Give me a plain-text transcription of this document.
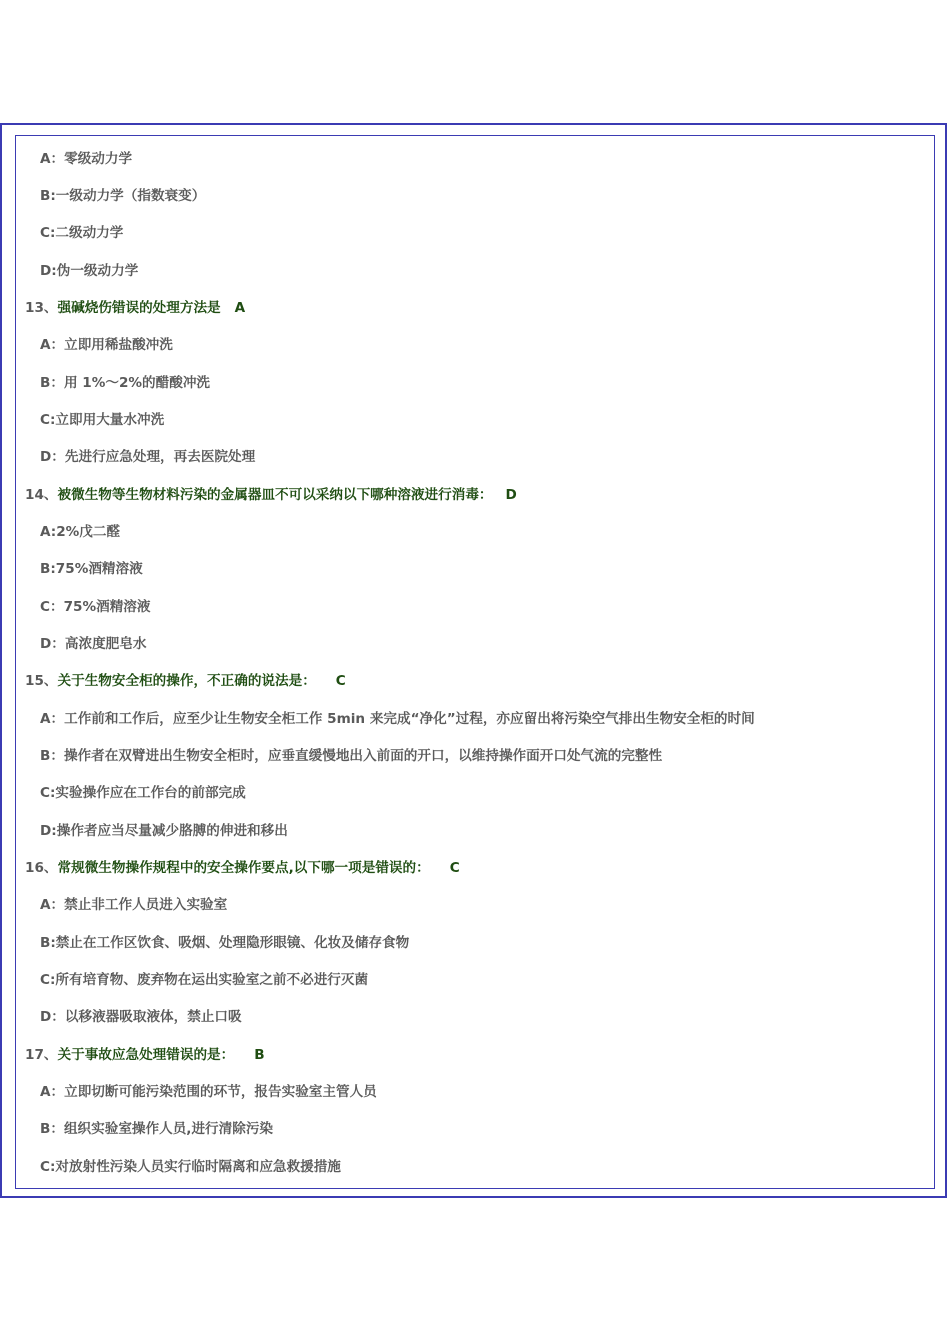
A：零级动力学
B:一级动力学（指数衰变）
C:二级动力学
D:伪一级动力学
13、强碱烧伤错误的处理方法是 A
A：立即用稀盐酸冲洗
B：用 1%～2%的醋酸冲洗
C:立即用大量水冲洗
D：先进行应急处理，再去医院处理
14、被微生物等生物材料污染的金属器皿不可以采纳以下哪种溶液进行消毒： D
A:2%戊二醛
B:75%酒精溶液
C：75%酒精溶液
D：高浓度肥皂水
15、关于生物安全柜的操作，不正确的说法是： C
A：工作前和工作后，应至少让生物安全柜工作 5min 来完成“净化”过程，亦应留出将污染空气排出生物安全柜的时间
B：操作者在双臂进出生物安全柜时，应垂直缓慢地出入前面的开口，以维持操作面开口处气流的完整性
C:实验操作应在工作台的前部完成
D:操作者应当尽量减少胳膊的伸进和移出
16、常规微生物操作规程中的安全操作要点,以下哪一项是错误的： C
A：禁止非工作人员进入实验室
B:禁止在工作区饮食、吸烟、处理隐形眼镜、化妆及储存食物
C:所有培育物、废弃物在运出实验室之前不必进行灭菌
D：以移液器吸取液体，禁止口吸
17、关于事故应急处理错误的是： B
A：立即切断可能污染范围的环节，报告实验室主管人员
B：组织实验室操作人员,进行清除污染
C:对放射性污染人员实行临时隔离和应急救援措施
